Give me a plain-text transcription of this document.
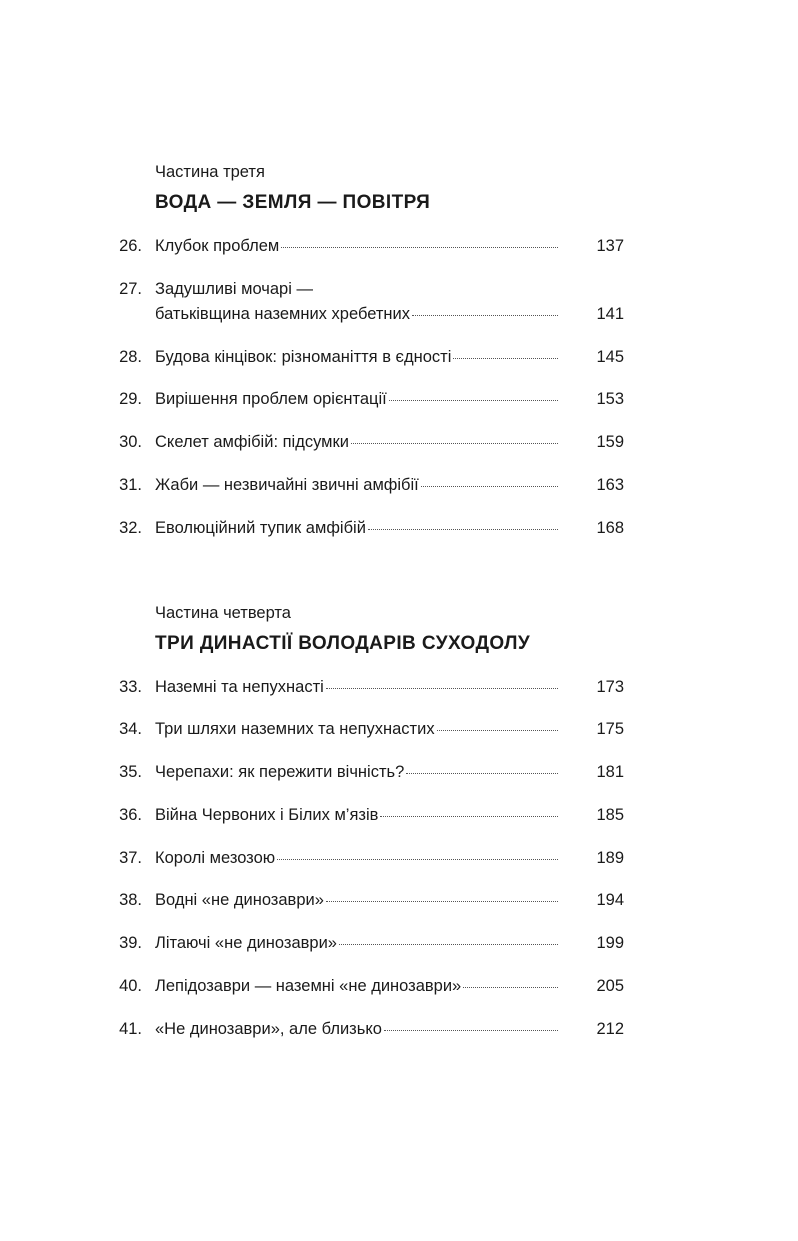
Частина третя
ВОДА — ЗЕМЛЯ — ПОВІТРЯ
26. Клубок проблем	137
27. Задушливі мочарі —
батьківщина наземних хребетних	141
28. Будова кінцівок: різноманіття в єдності	145
29. Вирішення проблем орієнтації	153
30. Скелет амфібій: підсумки	159
31. Жаби — незвичайні звичні амфібії	163
32. Еволюційний тупик амфібій	168
Частина четверта
ТРИ ДИНАСТІЇ ВОЛОДАРІВ СУХОДОЛУ
33. Наземні та непухнасті	173
34. Три шляхи наземних та непухнастих	175
35. Черепахи: як пережити вічність?	181
36. Війна Червоних і Білих м’язів	185
37. Королі мезозою	189
38. Водні «не динозаври»	194
39. Літаючі «не динозаври»	199
40. Лепідозаври — наземні «не динозаври»	205
41. «Не динозаври», але близько	212
